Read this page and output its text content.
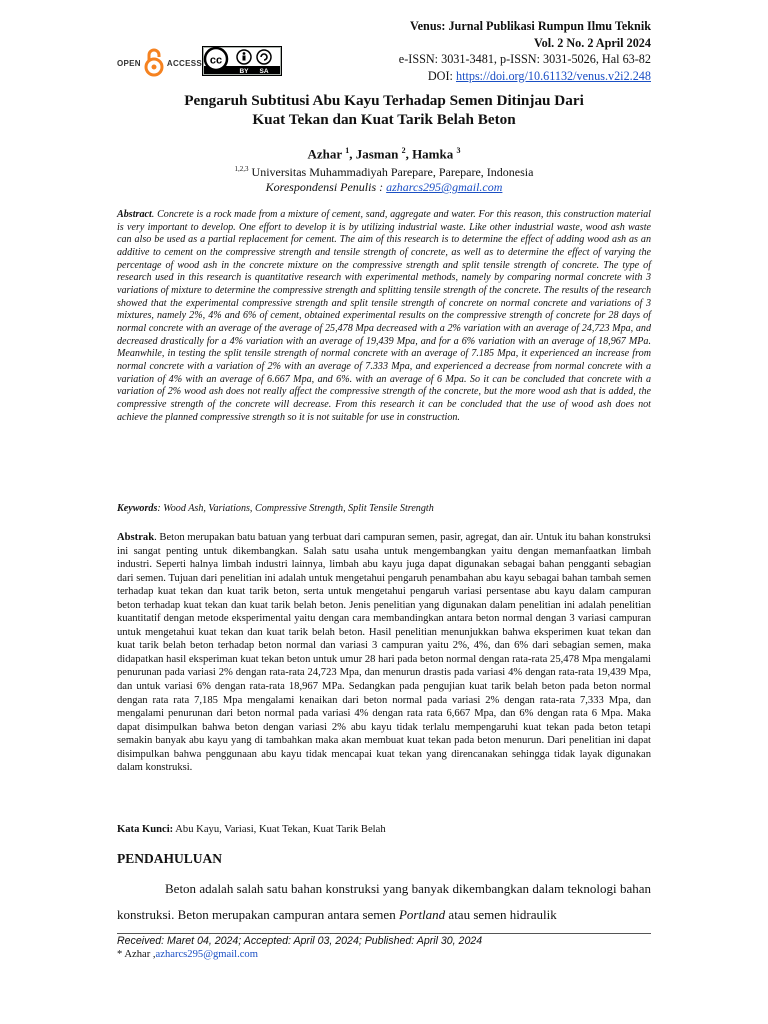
OPEN	ACCESS cc
BY SA
Venus: Jurnal Publikasi Rumpun Ilmu Teknik
Vol. 2 No. 2 April 2024
e-ISSN: 3031-3481, p-ISSN: 3031-5026, Hal 63-82
DOI: https://doi.org/10.61132/venus.v2i2.248
Pengaruh Subtitusi Abu Kayu Terhadap Semen Ditinjau Dari
Kuat Tekan dan Kuat Tarik Belah Beton
Azhar $^1$, Jasman $^2$, Hamka $^3$
$^{1,2,3}$ Universitas Muhammadiyah Parepare, Parepare, Indonesia
Korespondensi Penulis : azharcs295@gmail.com
Abstract. Concrete is a rock made from a mixture of cement, sand, aggregate and water. For this reason, this construction material is very important to develop. One effort to develop it is by utilizing industrial waste. Like other industrial waste, wood ash waste can also be used as a partial replacement for cement. The aim of this research is to determine the effect of adding wood ash as an additive to cement on the compressive strength and tensile strength of concrete, as well as to determine the effect of varying the percentage of wood ash in the concrete mixture on the compressive strength and split tensile strength of concrete. The type of research used in this research is quantitative research with experimental methods, namely by comparing normal concrete with 3 variations of mixture to determine the compressive strength and splitting tensile strength of the concrete. The results of the research showed that the experimental compressive strength and split tensile strength of concrete on normal concrete and variations of 3 mixtures, namely 2%, 4% and 6% of cement, obtained experimental results on the compressive strength of concrete for 28 days of normal concrete with an average of the average of 25,478 Mpa decreased with a 2% variation with an average of 24,723 Mpa, and decreased drastically for a 4% variation with an average of 19,439 Mpa, and for a 6% variation with an average of 18,967 MPa. Meanwhile, in testing the split tensile strength of normal concrete with an average of 7.185 Mpa, it experienced an increase from normal concrete with a variation of 2% with an average of 7.333 Mpa, and experienced a decrease from normal concrete with a variation of 4% with an average of 6.667 Mpa, and 6%. with an average of 6 Mpa. So it can be concluded that concrete with a variation of 2% wood ash does not really affect the compressive strength of the concrete, but the more wood ash that is added, the compressive strength of the concrete will decrease. From this research it can be concluded that the use of wood ash does not achieve the planned compressive strength so it is not suitable for use in construction.
Keywords: Wood Ash, Variations, Compressive Strength, Split Tensile Strength
Abstrak. Beton merupakan batu batuan yang terbuat dari campuran semen, pasir, agregat, dan air. Untuk itu bahan konstruksi ini sangat penting untuk dikembangkan. Salah satu usaha untuk mengembangkan yaitu dengan memanfaatkan limbah industri. Seperti halnya limbah industri lainnya, limbah abu kayu juga dapat digunakan sebagai bahan pengganti sebagian dari semen. Tujuan dari penelitian ini adalah untuk mengetahui pengaruh penambahan abu kayu sebagai bahan tambah semen terhadap kuat tekan dan kuat tarik beton, serta untuk mengetahui pengaruh variasi persentase abu kayu dalam campuran beton terhadap kuat tekan dan kuat tarik belah beton. Jenis penelitian yang digunakan dalam penelitian ini adalah penelitian kuantitatif dengan metode eksperimental yaitu dengan cara membandingkan antara beton normal dengan 3 variasi campuran untuk mengetahui kuat tekan dan kuat tarik belah beton. Hasil penelitian menunjukkan bahwa eksperimen kuat tekan dan kuat tarik belah beton terhadap beton normal dan variasi 3 campuran yaitu 2%, 4%, dan 6% dari sebagian semen, maka didapatkan hasil eksperiman kuat tekan beton untuk umur 28 hari pada beton normal dengan rata-rata 25,478 Mpa mengalami penurunan pada variasi 2% dengan rata-rata 24,723 Mpa, dan menurun drastis pada variasi 4% dengan rata-rata 19,439 Mpa, dan untuk variasi 6% dengan rata-rata 18,967 MPa. Sedangkan pada pengujian kuat tarik belah beton pada beton normal dengan rata rata 7,185 Mpa mengalami kenaikan dari beton normal pada variasi 2% dengan rata-rata 7,333 Mpa, dan mengalami penurunan dari beton normal pada variasi 4% dengan rata rata 6,667 Mpa, dan 6% dengan rata 6 Mpa. Maka dapat disimpulkan bahwa beton dengan variasi 2% abu kayu tidak terlalu mempengaruhi kuat tekan pada beton tetapi semakin banyak abu kayu yang di tambahkan maka akan membuat kuat tekan pada beton menurun. Dari penelitian ini dapat disimpulkan bahwa penggunaan abu kayu tidak mencapai kuat tekan yang direncanakan sehingga tidak layak digunakan dalam konstruksi.
Kata Kunci: Abu Kayu, Variasi, Kuat Tekan, Kuat Tarik Belah
PENDAHULUAN
Beton adalah salah satu bahan konstruksi yang banyak dikembangkan dalam teknologi bahan konstruksi. Beton merupakan campuran antara semen Portland atau semen hidraulik
Received: Maret 04, 2024; Accepted: April 03, 2024; Published: April 30, 2024
* Azhar ,azharcs295@gmail.com
